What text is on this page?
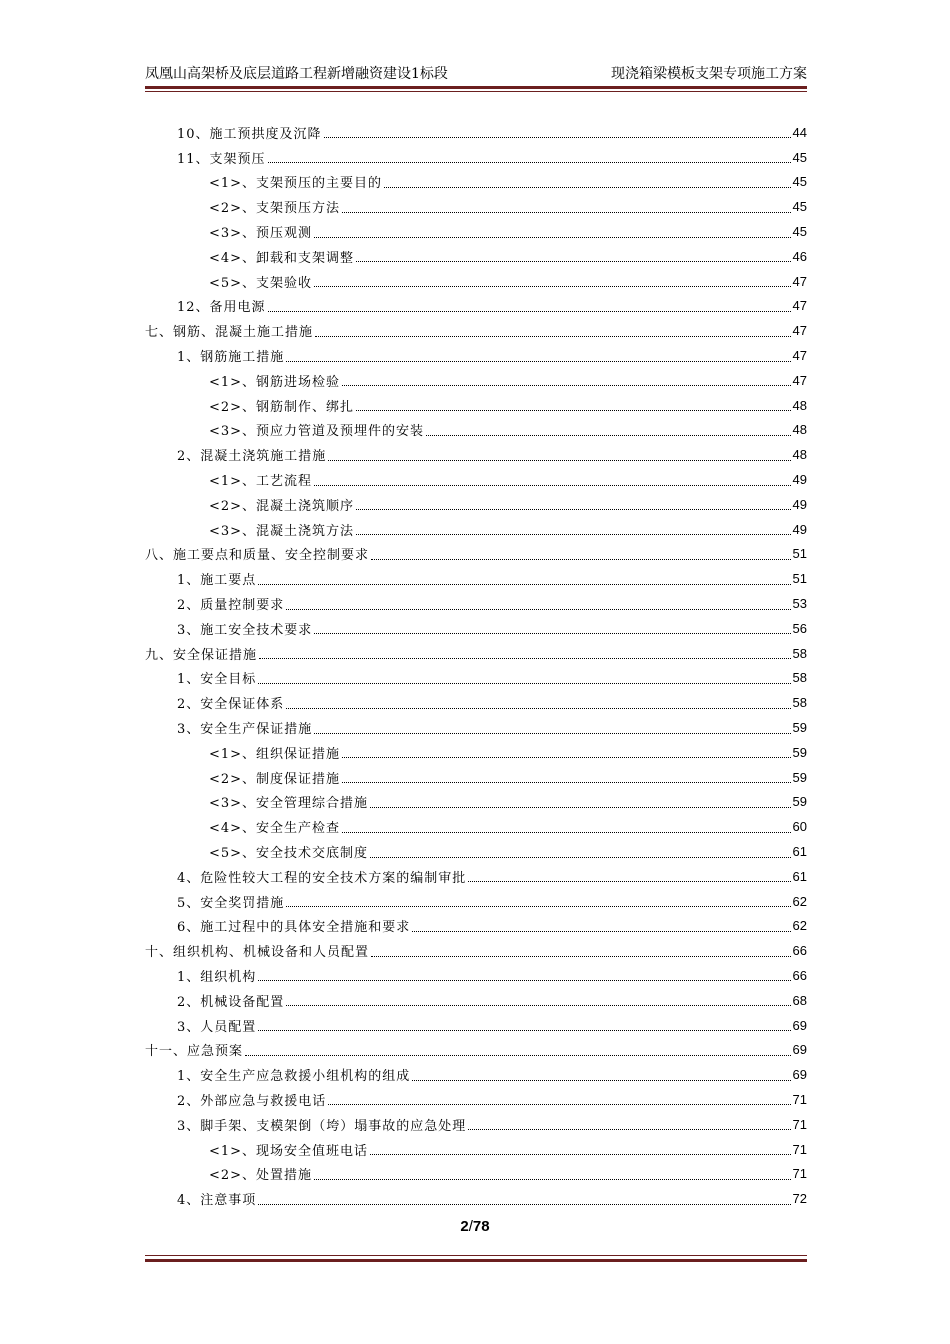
凤凰山高架桥及底层道路工程新增融资建设1标段	现浇箱梁模板支架专项施工方案
10、施工预拱度及沉降	44
11、支架预压	45
<1>、支架预压的主要目的	45
<2>、支架预压方法	45
<3>、预压观测	45
<4>、卸载和支架调整	46
<5>、支架验收	47
12、备用电源	47
七、钢筋、混凝土施工措施	47
1、钢筋施工措施	47
<1>、钢筋进场检验	47
<2>、钢筋制作、绑扎	48
<3>、预应力管道及预埋件的安装	48
2、混凝土浇筑施工措施	48
<1>、工艺流程	49
<2>、混凝土浇筑顺序	49
<3>、混凝土浇筑方法	49
八、施工要点和质量、安全控制要求	51
1、施工要点	51
2、质量控制要求	53
3、施工安全技术要求	56
九、安全保证措施	58
1、安全目标	58
2、安全保证体系	58
3、安全生产保证措施	59
<1>、组织保证措施	59
<2>、制度保证措施	59
<3>、安全管理综合措施	59
<4>、安全生产检查	60
<5>、安全技术交底制度	61
4、危险性较大工程的安全技术方案的编制审批	61
5、安全奖罚措施	62
6、施工过程中的具体安全措施和要求	62
十、组织机构、机械设备和人员配置	66
1、组织机构	66
2、机械设备配置	68
3、人员配置	69
十一、应急预案	69
1、安全生产应急救援小组机构的组成	69
2、外部应急与救援电话	71
3、脚手架、支模架倒（垮）塌事故的应急处理	71
<1>、现场安全值班电话	71
<2>、处置措施	71
4、注意事项	72
2/78
